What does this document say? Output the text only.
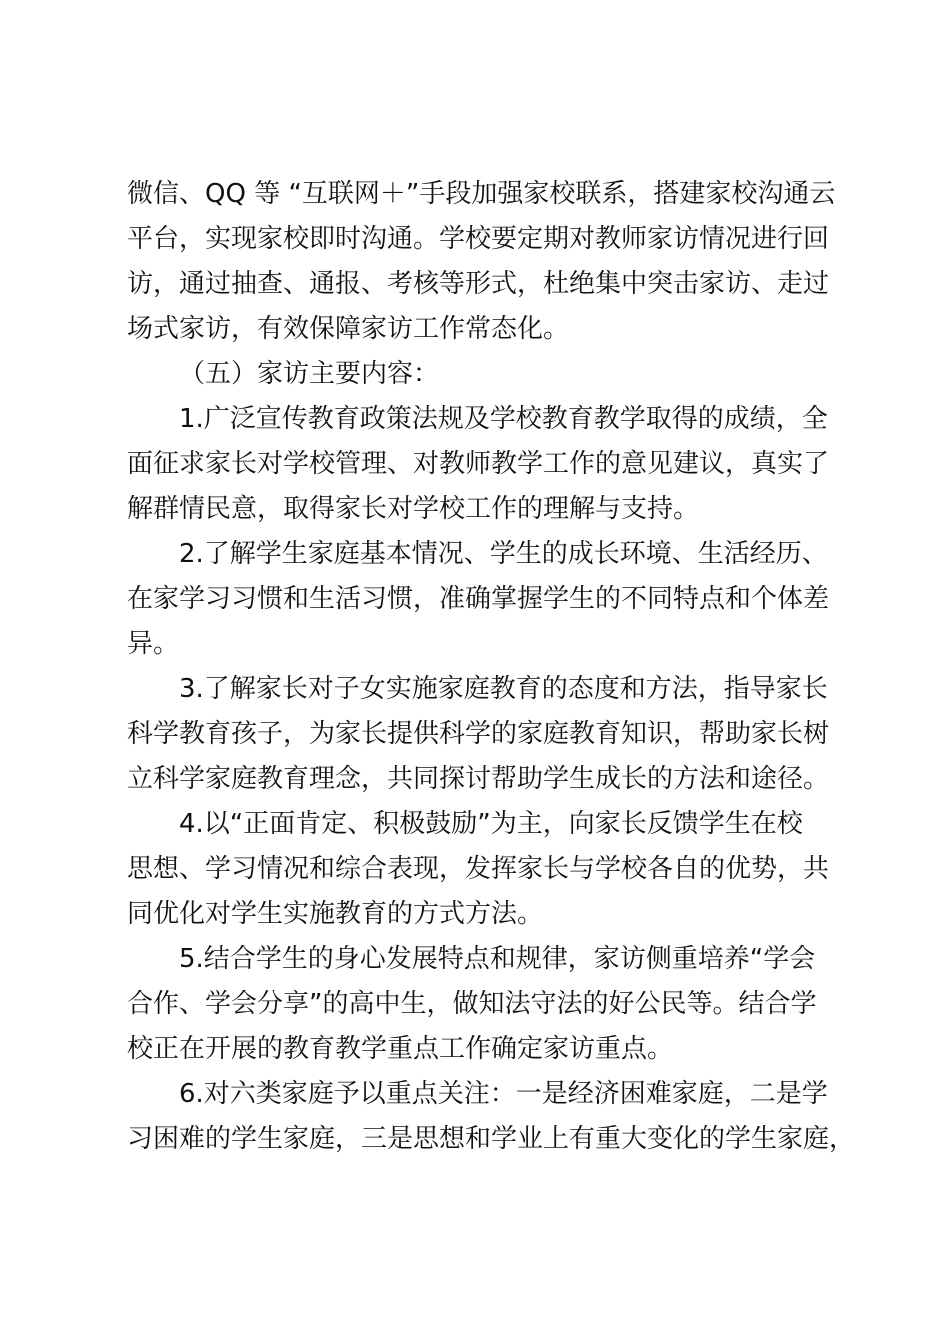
微信、QQ 等 “互联网＋”手段加强家校联系，搭建家校沟通云
平台，实现家校即时沟通。学校要定期对教师家访情况进行回
访，通过抽查、通报、考核等形式，杜绝集中突击家访、走过
场式家访，有效保障家访工作常态化。
（五）家访主要内容：
1.广泛宣传教育政策法规及学校教育教学取得的成绩，全
面征求家长对学校管理、对教师教学工作的意见建议，真实了
解群情民意，取得家长对学校工作的理解与支持。
2.了解学生家庭基本情况、学生的成长环境、生活经历、
在家学习习惯和生活习惯，准确掌握学生的不同特点和个体差
异。
3.了解家长对子女实施家庭教育的态度和方法，指导家长
科学教育孩子，为家长提供科学的家庭教育知识，帮助家长树
立科学家庭教育理念，共同探讨帮助学生成长的方法和途径。
4.以“正面肯定、积极鼓励”为主，向家长反馈学生在校
思想、学习情况和综合表现，发挥家长与学校各自的优势，共
同优化对学生实施教育的方式方法。
5.结合学生的身心发展特点和规律，家访侧重培养“学会
合作、学会分享”的高中生，做知法守法的好公民等。结合学
校正在开展的教育教学重点工作确定家访重点。
6.对六类家庭予以重点关注：一是经济困难家庭，二是学
习困难的学生家庭，三是思想和学业上有重大变化的学生家庭，
